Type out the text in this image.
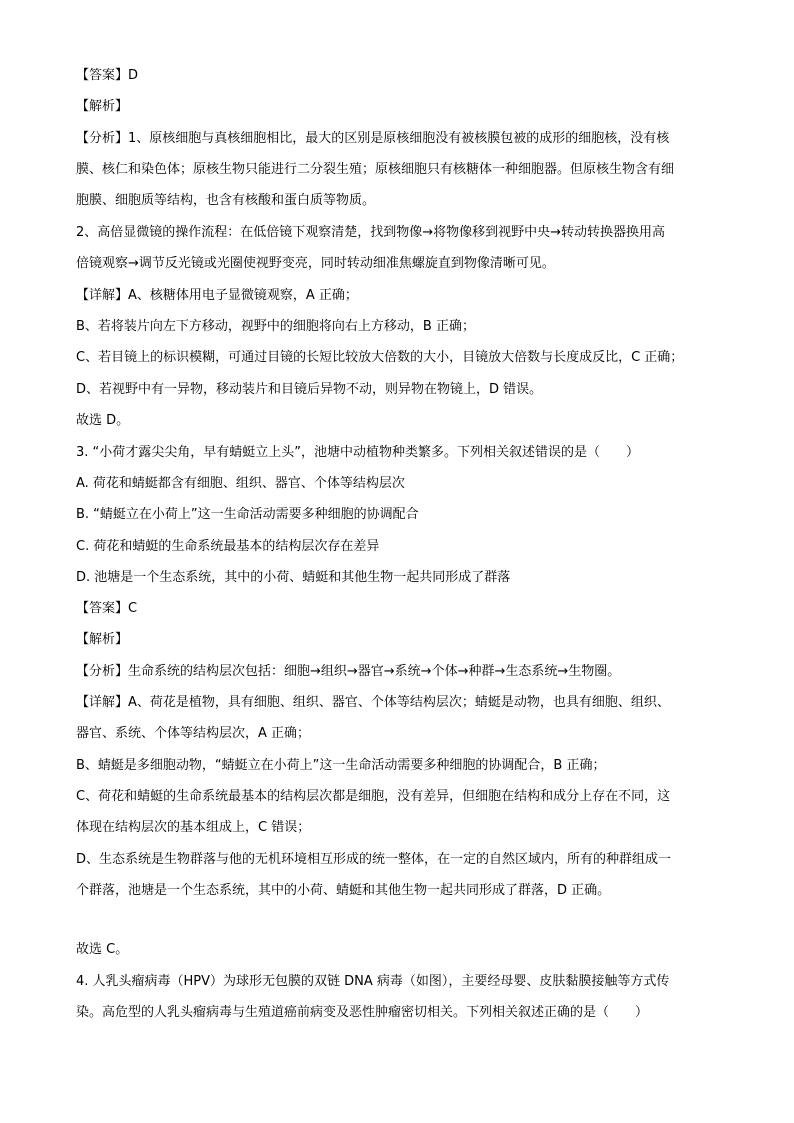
【答案】D
【解析】
【分析】1、原核细胞与真核细胞相比，最大的区别是原核细胞没有被核膜包被的成形的细胞核，没有核
膜、核仁和染色体；原核生物只能进行二分裂生殖；原核细胞只有核糖体一种细胞器。但原核生物含有细
胞膜、细胞质等结构，也含有核酸和蛋白质等物质。
2、高倍显微镜的操作流程：在低倍镜下观察清楚，找到物像→将物像移到视野中央→转动转换器换用高
倍镜观察→调节反光镜或光圈使视野变亮，同时转动细准焦螺旋直到物像清晰可见。
【详解】A、核糖体用电子显微镜观察，A 正确；
B、若将装片向左下方移动，视野中的细胞将向右上方移动，B 正确；
C、若目镜上的标识模糊，可通过目镜的长短比较放大倍数的大小，目镜放大倍数与长度成反比，C 正确；
D、若视野中有一异物，移动装片和目镜后异物不动，则异物在物镜上，D 错误。
故选 D。
3. “小荷才露尖尖角，早有蜻蜓立上头”，池塘中动植物种类繁多。下列相关叙述错误的是（　　）
A. 荷花和蜻蜓都含有细胞、组织、器官、个体等结构层次
B. “蜻蜓立在小荷上”这一生命活动需要多种细胞的协调配合
C. 荷花和蜻蜓的生命系统最基本的结构层次存在差异
D. 池塘是一个生态系统，其中的小荷、蜻蜓和其他生物一起共同形成了群落
【答案】C
【解析】
【分析】生命系统的结构层次包括：细胞→组织→器官→系统→个体→种群→生态系统→生物圈。
【详解】A、荷花是植物，具有细胞、组织、器官、个体等结构层次；蜻蜓是动物，也具有细胞、组织、
器官、系统、个体等结构层次，A 正确；
B、蜻蜓是多细胞动物，“蜻蜓立在小荷上”这一生命活动需要多种细胞的协调配合，B 正确；
C、荷花和蜻蜓的生命系统最基本的结构层次都是细胞，没有差异，但细胞在结构和成分上存在不同，这
体现在结构层次的基本组成上，C 错误；
D、生态系统是生物群落与他的无机环境相互形成的统一整体，在一定的自然区域内，所有的种群组成一
个群落，池塘是一个生态系统，其中的小荷、蜻蜓和其他生物一起共同形成了群落，D 正确。
故选 C。
4. 人乳头瘤病毒（HPV）为球形无包膜的双链 DNA 病毒（如图），主要经母婴、皮肤黏膜接触等方式传
染。高危型的人乳头瘤病毒与生殖道癌前病变及恶性肿瘤密切相关。下列相关叙述正确的是（　　）
